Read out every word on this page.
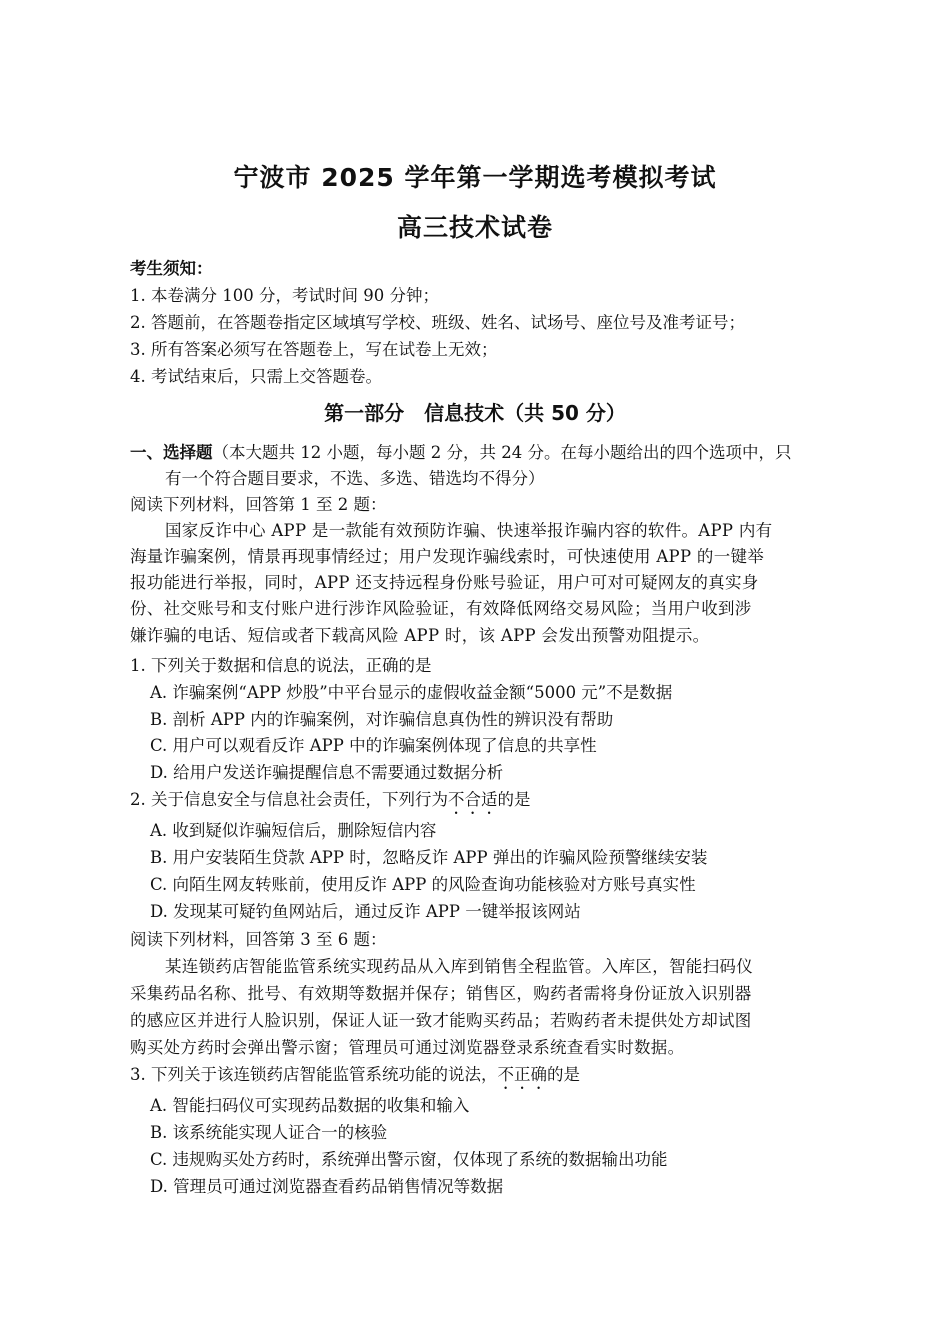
宁波市 2025 学年第一学期选考模拟考试
高三技术试卷
考生须知：
1. 本卷满分 100 分，考试时间 90 分钟；
2. 答题前，在答题卷指定区域填写学校、班级、姓名、试场号、座位号及准考证号；
3. 所有答案必须写在答题卷上，写在试卷上无效；
4. 考试结束后，只需上交答题卷。
第一部分　信息技术（共 50 分）
一、选择题（本大题共 12 小题，每小题 2 分，共 24 分。在每小题给出的四个选项中，只
有一个符合题目要求，不选、多选、错选均不得分）
阅读下列材料，回答第 1 至 2 题：
国家反诈中心 APP 是一款能有效预防诈骗、快速举报诈骗内容的软件。APP 内有
海量诈骗案例，情景再现事情经过；用户发现诈骗线索时，可快速使用 APP 的一键举
报功能进行举报，同时，APP 还支持远程身份账号验证，用户可对可疑网友的真实身
份、社交账号和支付账户进行涉诈风险验证，有效降低网络交易风险；当用户收到涉
嫌诈骗的电话、短信或者下载高风险 APP 时，该 APP 会发出预警劝阻提示。
1. 下列关于数据和信息的说法，正确的是
A. 诈骗案例“APP 炒股”中平台显示的虚假收益金额“5000 元”不是数据
B. 剖析 APP 内的诈骗案例，对诈骗信息真伪性的辨识没有帮助
C. 用户可以观看反诈 APP 中的诈骗案例体现了信息的共享性
D. 给用户发送诈骗提醒信息不需要通过数据分析
2. 关于信息安全与信息社会责任，下列行为不合适的是
A. 收到疑似诈骗短信后，删除短信内容
B. 用户安装陌生贷款 APP 时，忽略反诈 APP 弹出的诈骗风险预警继续安装
C. 向陌生网友转账前，使用反诈 APP 的风险查询功能核验对方账号真实性
D. 发现某可疑钓鱼网站后，通过反诈 APP 一键举报该网站
阅读下列材料，回答第 3 至 6 题：
某连锁药店智能监管系统实现药品从入库到销售全程监管。入库区，智能扫码仪
采集药品名称、批号、有效期等数据并保存；销售区，购药者需将身份证放入识别器
的感应区并进行人脸识别，保证人证一致才能购买药品；若购药者未提供处方却试图
购买处方药时会弹出警示窗；管理员可通过浏览器登录系统查看实时数据。
3. 下列关于该连锁药店智能监管系统功能的说法，不正确的是
A. 智能扫码仪可实现药品数据的收集和输入
B. 该系统能实现人证合一的核验
C. 违规购买处方药时，系统弹出警示窗，仅体现了系统的数据输出功能
D. 管理员可通过浏览器查看药品销售情况等数据
